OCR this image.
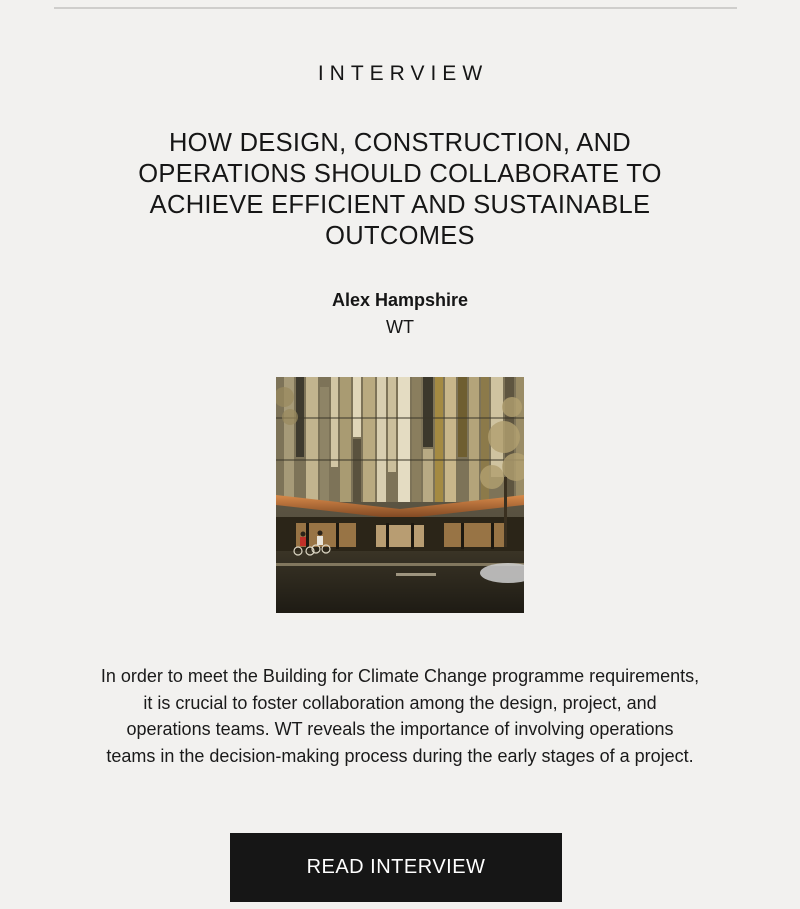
INTERVIEW
HOW DESIGN, CONSTRUCTION, AND OPERATIONS SHOULD COLLABORATE TO ACHIEVE EFFICIENT AND SUSTAINABLE OUTCOMES
Alex Hampshire
WT
In order to meet the Building for Climate Change programme requirements, it is crucial to foster collaboration among the design, project, and operations teams. WT reveals the importance of involving operations teams in the decision-making process during the early stages of a project.
READ INTERVIEW
